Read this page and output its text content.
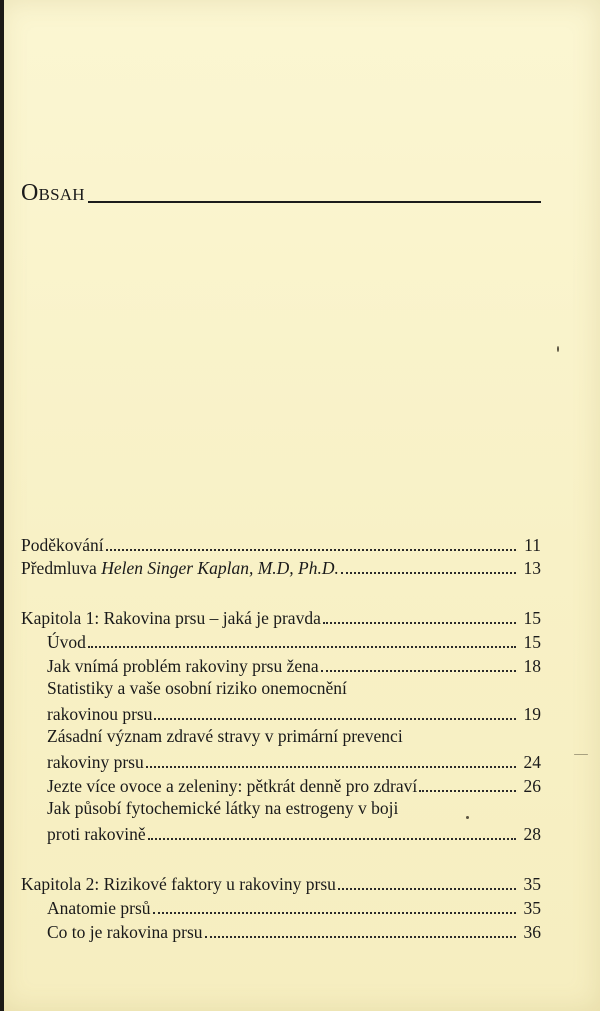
OBSAH
Poděkování	11
Předmluva Helen Singer Kaplan, M.D, Ph.D.	13
Kapitola 1: Rakovina prsu – jaká je pravda	15
Úvod	15
Jak vnímá problém rakoviny prsu žena	18
Statistiky a vaše osobní riziko onemocnění
rakovinou prsu	19
Zásadní význam zdravé stravy v primární prevenci
rakoviny prsu	24
Jezte více ovoce a zeleniny: pětkrát denně pro zdraví	26
Jak působí fytochemické látky na estrogeny v boji
proti rakovině	28
Kapitola 2: Rizikové faktory u rakoviny prsu	35
Anatomie prsů	35
Co to je rakovina prsu	36
